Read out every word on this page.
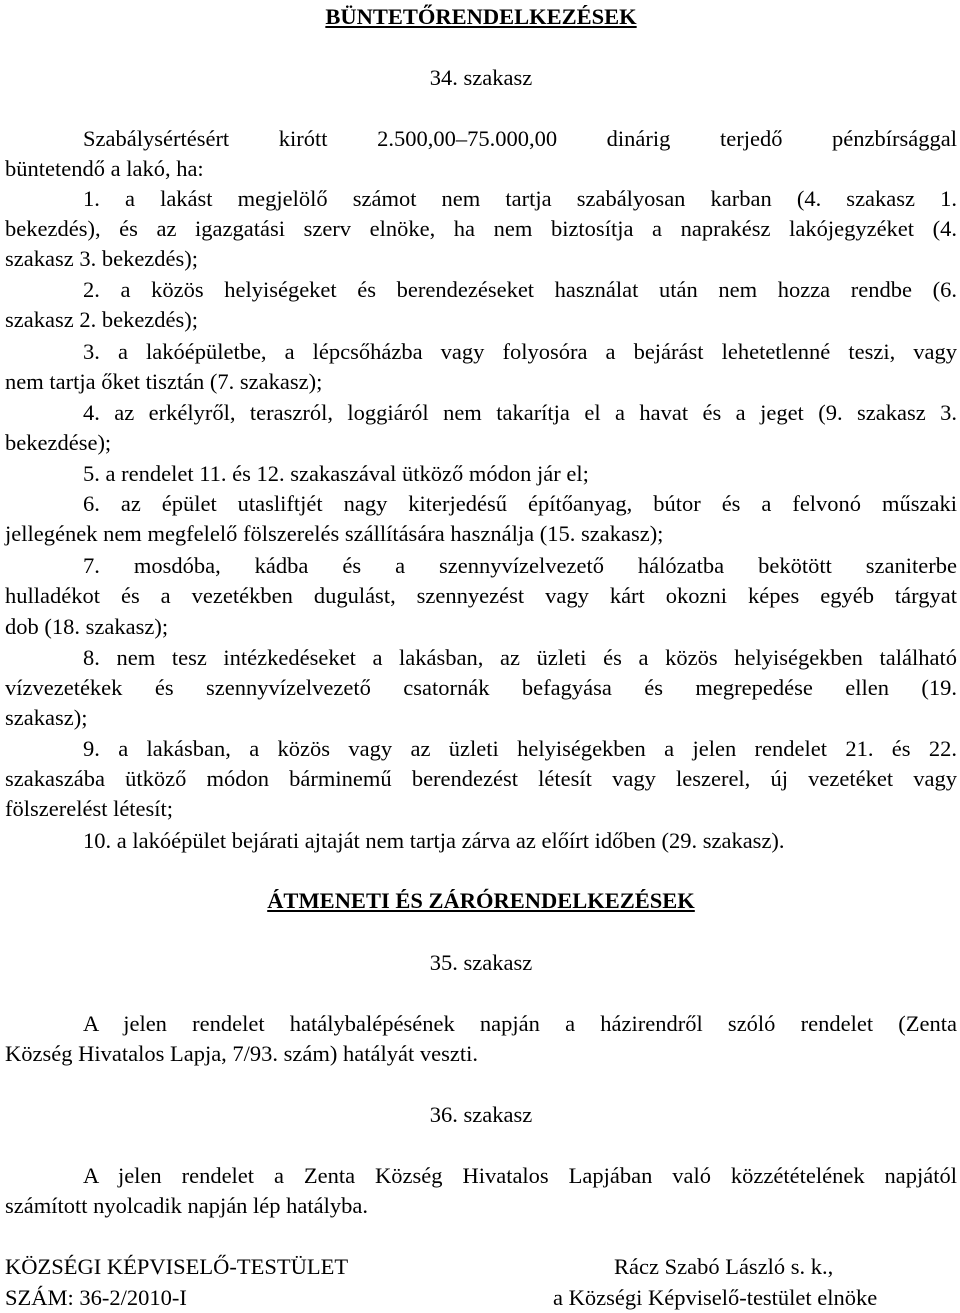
BÜNTETŐRENDELKEZÉSEK
34. szakasz
Szabálysértésért kirótt 2.500,00–75.000,00 dinárig terjedő pénzbírsággal
büntetendő a lakó, ha:
1. a lakást megjelölő számot nem tartja szabályosan karban (4. szakasz 1.
bekezdés), és az igazgatási szerv elnöke, ha nem biztosítja a naprakész lakójegyzéket (4.
szakasz 3. bekezdés);
2. a közös helyiségeket és berendezéseket használat után nem hozza rendbe (6.
szakasz 2. bekezdés);
3. a lakóépületbe, a lépcsőházba vagy folyosóra a bejárást lehetetlenné teszi, vagy
nem tartja őket tisztán (7. szakasz);
4. az erkélyről, teraszról, loggiáról nem takarítja el a havat és a jeget (9. szakasz 3.
bekezdése);
5. a rendelet 11. és 12. szakaszával ütköző módon jár el;
6. az épület utasliftjét nagy kiterjedésű építőanyag, bútor és a felvonó műszaki
jellegének nem megfelelő fölszerelés szállítására használja (15. szakasz);
7. mosdóba, kádba és a szennyvízelvezető hálózatba bekötött szaniterbe
hulladékot és a vezetékben dugulást, szennyezést vagy kárt okozni képes egyéb tárgyat
dob (18. szakasz);
8. nem tesz intézkedéseket a lakásban, az üzleti és a közös helyiségekben található
vízvezetékek és szennyvízelvezető csatornák befagyása és megrepedése ellen (19.
szakasz);
9. a lakásban, a közös vagy az üzleti helyiségekben a jelen rendelet 21. és 22.
szakaszába ütköző módon bárminemű berendezést létesít vagy leszerel, új vezetéket vagy
fölszerelést létesít;
10. a lakóépület bejárati ajtaját nem tartja zárva az előírt időben (29. szakasz).
ÁTMENETI ÉS ZÁRÓRENDELKEZÉSEK
35. szakasz
A jelen rendelet hatálybalépésének napján a házirendről szóló rendelet (Zenta
Község Hivatalos Lapja, 7/93. szám) hatályát veszti.
36. szakasz
A jelen rendelet a Zenta Község Hivatalos Lapjában való közzétételének napjától
számított nyolcadik napján lép hatályba.
KÖZSÉGI KÉPVISELŐ-TESTÜLET
SZÁM: 36-2/2010-I
Rácz Szabó László s. k.,
a Községi Képviselő-testület elnöke
